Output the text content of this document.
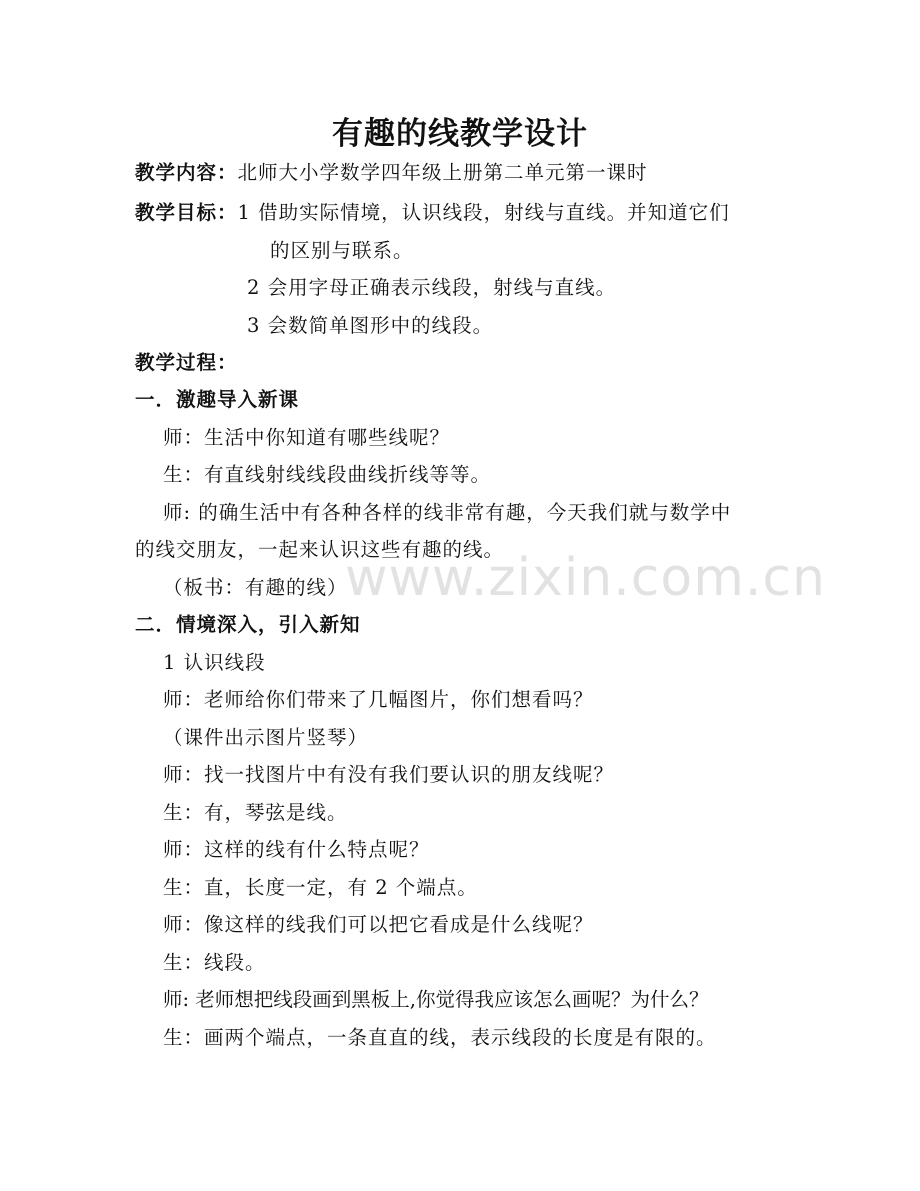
有趣的线教学设计
教学内容：北师大小学数学四年级上册第二单元第一课时
教学目标：1 借助实际情境，认识线段，射线与直线。并知道它们
的区别与联系。
2 会用字母正确表示线段，射线与直线。
3 会数简单图形中的线段。
教学过程：
一．激趣导入新课
师：生活中你知道有哪些线呢？
生：有直线射线线段曲线折线等等。
师: 的确生活中有各种各样的线非常有趣，今天我们就与数学中
的线交朋友，一起来认识这些有趣的线。
（板书：有趣的线）
二．情境深入，引入新知
1 认识线段
师：老师给你们带来了几幅图片，你们想看吗？
（课件出示图片竖琴）
师：找一找图片中有没有我们要认识的朋友线呢？
生：有，琴弦是线。
师：这样的线有什么特点呢？
生：直，长度一定，有 2 个端点。
师：像这样的线我们可以把它看成是什么线呢？
生：线段。
师: 老师想把线段画到黑板上,你觉得我应该怎么画呢？为什么？
生：画两个端点，一条直直的线，表示线段的长度是有限的。
www.zixin.com.cn
